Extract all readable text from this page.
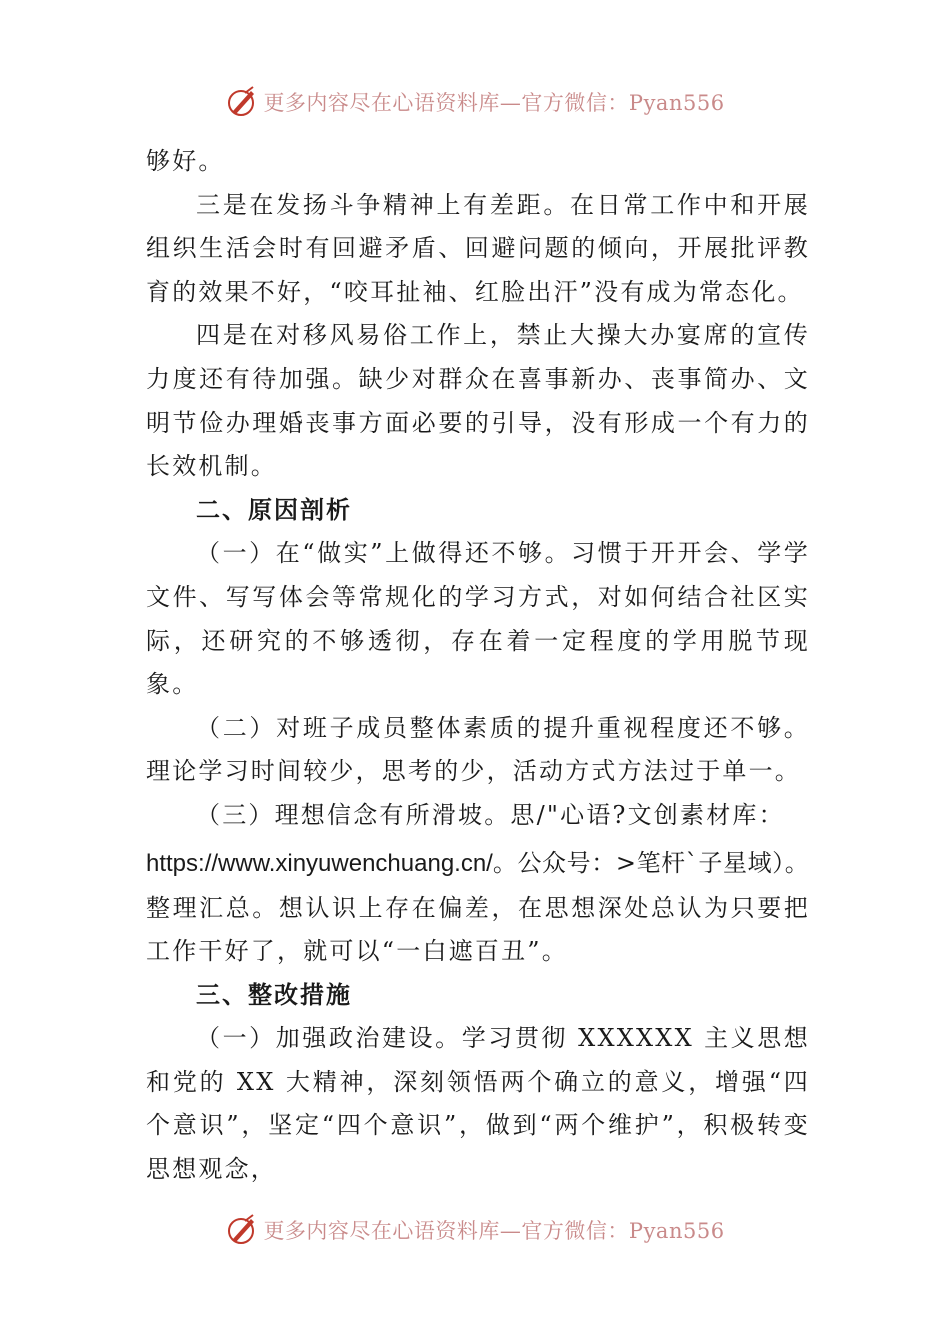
更多内容尽在心语资料库—官方微信：Pyan556

够好。

三是在发扬斗争精神上有差距。在日常工作中和开展组织生活会时有回避矛盾、回避问题的倾向，开展批评教育的效果不好，“咬耳扯袖、红脸出汗”没有成为常态化。

四是在对移风易俗工作上，禁止大操大办宴席的宣传力度还有待加强。缺少对群众在喜事新办、丧事简办、文明节俭办理婚丧事方面必要的引导，没有形成一个有力的长效机制。

二、原因剖析

（一）在“做实”上做得还不够。习惯于开开会、学学文件、写写体会等常规化的学习方式，对如何结合社区实际，还研究的不够透彻，存在着一定程度的学用脱节现象。

（二）对班子成员整体素质的提升重视程度还不够。理论学习时间较少，思考的少，活动方式方法过于单一。

（三）理想信念有所滑坡。思/"心语?文创素材库：

https://www.xinyuwenchuang.cn/。公众号：>笔杆`子星域）。

整理汇总。想认识上存在偏差，在思想深处总认为只要把工作干好了，就可以“一白遮百丑”。

三、整改措施

（一）加强政治建设。学习贯彻 XXXXXX 主义思想和党的 XX 大精神，深刻领悟两个确立的意义，增强“四个意识”，坚定“四个意识”，做到“两个维护”，积极转变思想观念，

更多内容尽在心语资料库—官方微信：Pyan556
